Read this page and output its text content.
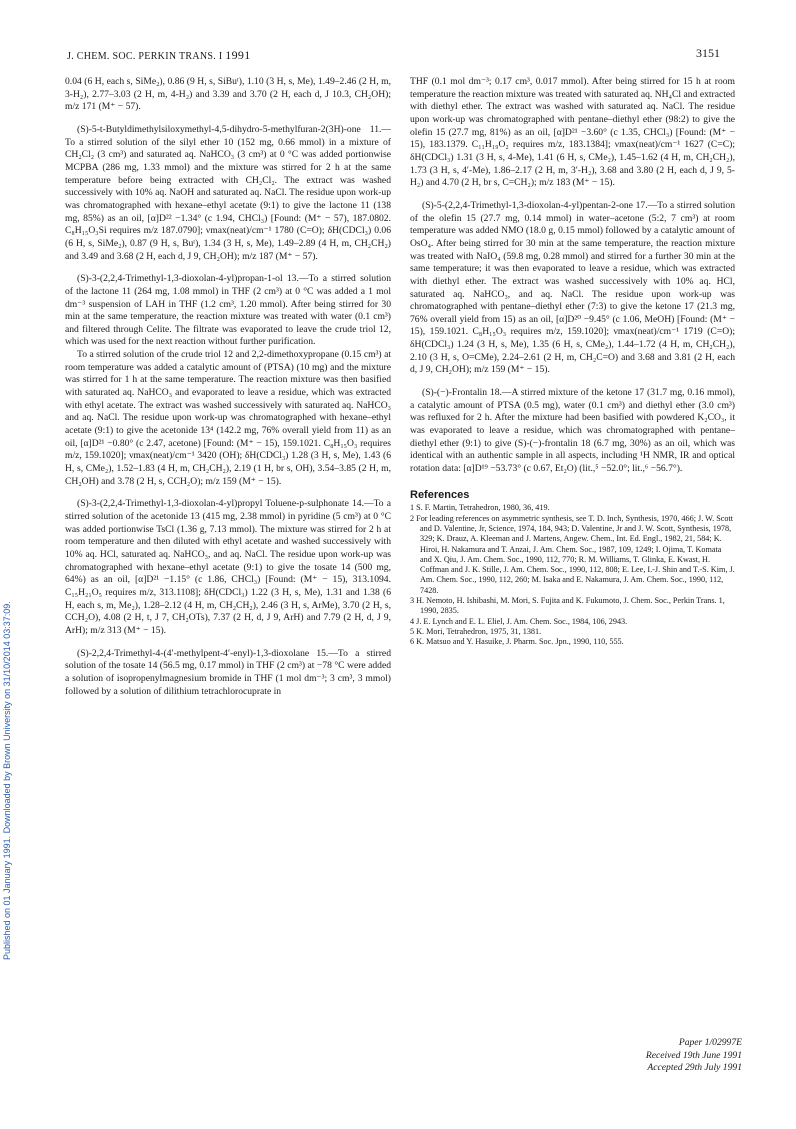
J. CHEM. SOC. PERKIN TRANS. I 1991	3151
Published on 01 January 1991. Downloaded by Brown University on 31/10/2014 03:37:09.

0.04 (6 H, each s, SiMe₂), 0.86 (9 H, s, SiBuᵗ), 1.10 (3 H, s, Me), 1.49–2.46 (2 H, m, 3-H₂), 2.77–3.03 (2 H, m, 4-H₂) and 3.39 and 3.70 (2 H, each d, J 10.3, CH₂OH); m/z 171 (M⁺ − 57).

(S)-5-t-Butyldimethylsiloxymethyl-4,5-dihydro-5-methylfuran-2(3H)-one 11.—To a stirred solution of the silyl ether 10 (152 mg, 0.66 mmol) in a mixture of CH₂Cl₂ (3 cm³) and saturated aq. NaHCO₃ (3 cm³) at 0 °C was added portionwise MCPBA (286 mg, 1.33 mmol) and the mixture was stirred for 2 h at the same temperature before being extracted with CH₂Cl₂. The extract was washed successively with 10% aq. NaOH and saturated aq. NaCl. The residue upon work-up was chromatographed with hexane–ethyl acetate (9:1) to give the lactone 11 (138 mg, 85%) as an oil, [α]D²² −1.34° (c 1.94, CHCl₃) [Found: (M⁺ − 57), 187.0802. C₈H₁₅O₃Si requires m/z 187.0790]; νmax(neat)/cm⁻¹ 1780 (C=O); δH(CDCl₃) 0.06 (6 H, s, SiMe₂), 0.87 (9 H, s, Buᵗ), 1.34 (3 H, s, Me), 1.49–2.89 (4 H, m, CH₂CH₂) and 3.49 and 3.68 (2 H, each d, J 9, CH₂OH); m/z 187 (M⁺ − 57).

(S)-3-(2,2,4-Trimethyl-1,3-dioxolan-4-yl)propan-1-ol 13.—To a stirred solution of the lactone 11 (264 mg, 1.08 mmol) in THF (2 cm³) at 0 °C was added a 1 mol dm⁻³ suspension of LAH in THF (1.2 cm³, 1.20 mmol). After being stirred for 30 min at the same temperature, the reaction mixture was treated with water (0.1 cm³) and filtered through Celite. The filtrate was evaporated to leave the crude triol 12, which was used for the next reaction without further purification.

To a stirred solution of the crude triol 12 and 2,2-dimethoxypropane (0.15 cm³) at room temperature was added a catalytic amount of (PTSA) (10 mg) and the mixture was stirred for 1 h at the same temperature. The reaction mixture was then basified with saturated aq. NaHCO₃ and evaporated to leave a residue, which was extracted with ethyl acetate. The extract was washed successively with saturated aq. NaHCO₃ and aq. NaCl. The residue upon work-up was chromatographed with hexane–ethyl acetate (9:1) to give the acetonide 13⁴ (142.2 mg, 76% overall yield from 11) as an oil, [α]D²¹ −0.80° (c 2.47, acetone) [Found: (M⁺ − 15), 159.1021. C₈H₁₅O₃ requires m/z, 159.1020]; νmax(neat)/cm⁻¹ 3420 (OH); δH(CDCl₃) 1.28 (3 H, s, Me), 1.43 (6 H, s, CMe₂), 1.52–1.83 (4 H, m, CH₂CH₂), 2.19 (1 H, br s, OH), 3.54–3.85 (2 H, m, CH₂OH) and 3.78 (2 H, s, CCH₂O); m/z 159 (M⁺ − 15).

(S)-3-(2,2,4-Trimethyl-1,3-dioxolan-4-yl)propyl Toluene-p-sulphonate 14.—To a stirred solution of the acetonide 13 (415 mg, 2.38 mmol) in pyridine (5 cm³) at 0 °C was added portionwise TsCl (1.36 g, 7.13 mmol). The mixture was stirred for 2 h at room temperature and then diluted with ethyl acetate and washed successively with 10% aq. HCl, saturated aq. NaHCO₃, and aq. NaCl. The residue upon work-up was chromatographed with hexane–ethyl acetate (9:1) to give the tosate 14 (500 mg, 64%) as an oil, [α]D²¹ −1.15° (c 1.86, CHCl₃) [Found: (M⁺ − 15), 313.1094. C₁₅H₂₁O₅ requires m/z, 313.1108]; δH(CDCl₃) 1.22 (3 H, s, Me), 1.31 and 1.38 (6 H, each s, m, Me₂), 1.28–2.12 (4 H, m, CH₂CH₂), 2.46 (3 H, s, ArMe), 3.70 (2 H, s, CCH₂O), 4.08 (2 H, t, J 7, CH₂OTs), 7.37 (2 H, d, J 9, ArH) and 7.79 (2 H, d, J 9, ArH); m/z 313 (M⁺ − 15).

(S)-2,2,4-Trimethyl-4-(4′-methylpent-4′-enyl)-1,3-dioxolane 15.—To a stirred solution of the tosate 14 (56.5 mg, 0.17 mmol) in THF (2 cm³) at −78 °C were added a solution of isopropenylmagnesium bromide in THF (1 mol dm⁻³; 3 cm³, 3 mmol) followed by a solution of dilithium tetrachlorocuprate in

THF (0.1 mol dm⁻³; 0.17 cm³, 0.017 mmol). After being stirred for 15 h at room temperature the reaction mixture was treated with saturated aq. NH₄Cl and extracted with diethyl ether. The extract was washed with saturated aq. NaCl. The residue upon work-up was chromatographed with pentane–diethyl ether (98:2) to give the olefin 15 (27.7 mg, 81%) as an oil, [α]D²¹ −3.60° (c 1.35, CHCl₃) [Found: (M⁺ − 15), 183.1379. C₁₁H₁₉O₂ requires m/z, 183.1384]; νmax(neat)/cm⁻¹ 1627 (C=C); δH(CDCl₃) 1.31 (3 H, s, 4-Me), 1.41 (6 H, s, CMe₂), 1.45–1.62 (4 H, m, CH₂CH₂), 1.73 (3 H, s, 4′-Me), 1.86–2.17 (2 H, m, 3′-H₂), 3.68 and 3.80 (2 H, each d, J 9, 5-H₂) and 4.70 (2 H, br s, C=CH₂); m/z 183 (M⁺ − 15).

(S)-5-(2,2,4-Trimethyl-1,3-dioxolan-4-yl)pentan-2-one 17.—To a stirred solution of the olefin 15 (27.7 mg, 0.14 mmol) in water–acetone (5:2, 7 cm³) at room temperature was added NMO (18.0 g, 0.15 mmol) followed by a catalytic amount of OsO₄. After being stirred for 30 min at the same temperature, the reaction mixture was treated with NaIO₄ (59.8 mg, 0.28 mmol) and stirred for a further 30 min at the same temperature; it was then evaporated to leave a residue, which was extracted with diethyl ether. The extract was washed successively with 10% aq. HCl, saturated aq. NaHCO₃, and aq. NaCl. The residue upon work-up was chromatographed with pentane–diethyl ether (7:3) to give the ketone 17 (21.3 mg, 76% overall yield from 15) as an oil, [α]D²⁰ −9.45° (c 1.06, MeOH) [Found: (M⁺ − 15), 159.1021. C₈H₁₅O₃ requires m/z, 159.1020]; νmax(neat)/cm⁻¹ 1719 (C=O); δH(CDCl₃) 1.24 (3 H, s, Me), 1.35 (6 H, s, CMe₂), 1.44–1.72 (4 H, m, CH₂CH₂), 2.10 (3 H, s, O=CMe), 2.24–2.61 (2 H, m, CH₂C=O) and 3.68 and 3.81 (2 H, each d, J 9, CH₂OH); m/z 159 (M⁺ − 15).

(S)-(−)-Frontalin 18.—A stirred mixture of the ketone 17 (31.7 mg, 0.16 mmol), a catalytic amount of PTSA (0.5 mg), water (0.1 cm³) and diethyl ether (3.0 cm³) was refluxed for 2 h. After the mixture had been basified with powdered K₂CO₃, it was evaporated to leave a residue, which was chromatographed with pentane–diethyl ether (9:1) to give (S)-(−)-frontalin 18 (6.7 mg, 30%) as an oil, which was identical with an authentic sample in all aspects, including ¹H NMR, IR and optical rotation data: [α]D¹⁹ −53.73° (c 0.67, Et₂O) (lit.,⁵ −52.0°; lit.,⁶ −56.7°).

References
1 S. F. Martin, Tetrahedron, 1980, 36, 419.
2 For leading references on asymmetric synthesis, see T. D. Inch, Synthesis, 1970, 466; J. W. Scott and D. Valentine, Jr, Science, 1974, 184, 943; D. Valentine, Jr and J. W. Scott, Synthesis, 1978, 329; K. Drauz, A. Kleeman and J. Martens, Angew. Chem., Int. Ed. Engl., 1982, 21, 584; K. Hiroi, H. Nakamura and T. Anzai, J. Am. Chem. Soc., 1987, 109, 1249; I. Ojima, T. Komata and X. Qiu, J. Am. Chem. Soc., 1990, 112, 770; R. M. Williams, T. Glinka, E. Kwast, H. Coffman and J. K. Stille, J. Am. Chem. Soc., 1990, 112, 808; E. Lee, I.-J. Shin and T.-S. Kim, J. Am. Chem. Soc., 1990, 112, 260; M. Isaka and E. Nakamura, J. Am. Chem. Soc., 1990, 112, 7428.
3 H. Nemoto, H. Ishibashi, M. Mori, S. Fujita and K. Fukumoto, J. Chem. Soc., Perkin Trans. 1, 1990, 2835.
4 J. E. Lynch and E. L. Eliel, J. Am. Chem. Soc., 1984, 106, 2943.
5 K. Mori, Tetrahedron, 1975, 31, 1381.
6 K. Matsuo and Y. Hasuike, J. Pharm. Soc. Jpn., 1990, 110, 555.
Paper 1/02997E
Received 19th June 1991
Accepted 29th July 1991
